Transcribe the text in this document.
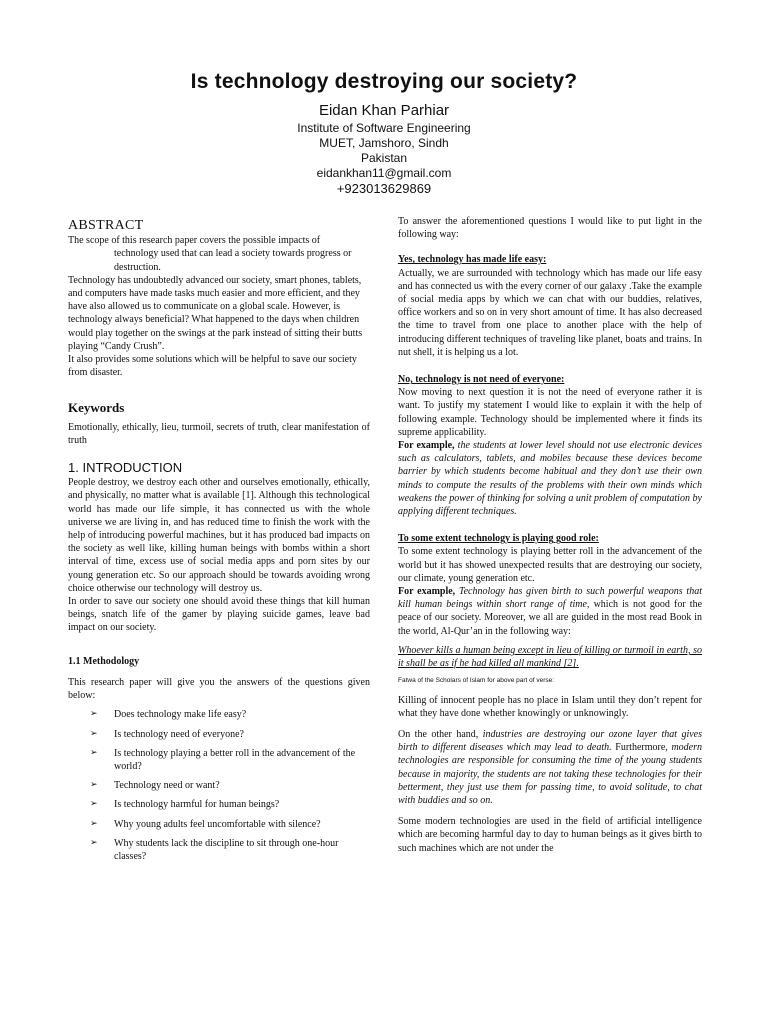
Is technology destroying our society?

Eidan Khan Parhiar

Institute of Software Engineering

MUET, Jamshoro, Sindh

Pakistan

eidankhan11@gmail.com

+923013629869

ABSTRACT

The scope of this research paper covers the possible impacts of

technology used that can lead a society towards progress or destruction.

Technology has undoubtedly advanced our society, smart phones, tablets, and computers have made tasks much easier and more efficient, and they have also allowed us to communicate on a global scale. However, is technology always beneficial? What happened to the days when children would play together on the swings at the park instead of sitting their butts playing “Candy Crush”.

It also provides some solutions which will be helpful to save our society from disaster.

Keywords

Emotionally, ethically, lieu, turmoil, secrets of truth, clear manifestation of truth

1. INTRODUCTION

People destroy, we destroy each other and ourselves emotionally, ethically, and physically, no matter what is available [1]. Although this technological world has made our life simple, it has connected us with the whole universe we are living in, and has reduced time to finish the work with the help of introducing powerful machines, but it has produced bad impacts on the society as well like, killing human beings with bombs within a short interval of time, excess use of social media apps and porn sites by our young generation etc. So our approach should be towards avoiding wrong choice otherwise our technology will destroy us.

In order to save our society one should avoid these things that kill human beings, snatch life of the gamer by playing suicide games, leave bad impact on our society.

1.1 Methodology

This research paper will give you the answers of the questions given below:

➢ Does technology make life easy?
➢ Is technology need of everyone?
➢ Is technology playing a better roll in the advancement of the world?
➢ Technology need or want?
➢ Is technology harmful for human beings?
➢ Why young adults feel uncomfortable with silence?
➢ Why students lack the discipline to sit through one-hour classes?

To answer the aforementioned questions I would like to put light in the following way:

Yes, technology has made life easy:

Actually, we are surrounded with technology which has made our life easy and has connected us with the every corner of our galaxy .Take the example of social media apps by which we can chat with our buddies, relatives, office workers and so on in very short amount of time. It has also decreased the time to travel from one place to another place with the help of introducing different techniques of traveling like planet, boats and trains. In nut shell, it is helping us a lot.

No, technology is not need of everyone:

Now moving to next question it is not the need of everyone rather it is want. To justify my statement I would like to explain it with the help of following example. Technology should be implemented where it finds its supreme applicability.

For example, the students at lower level should not use electronic devices such as calculators, tablets, and mobiles because these devices become barrier by which students become habitual and they don’t use their own minds to compute the results of the problems with their own minds which weakens the power of thinking for solving a unit problem of computation by applying different techniques.

To some extent technology is playing good role:

To some extent technology is playing better roll in the advancement of the world but it has showed unexpected results that are destroying our society, our climate, young generation etc.

For example, Technology has given birth to such powerful weapons that kill human beings within short range of time, which is not good for the peace of our society. Moreover, we all are guided in the most read Book in the world, Al-Qur’an in the following way:

Whoever kills a human being except in lieu of killing or turmoil in earth, so it shall be as if he had killed all mankind [2].

Fatwa of the Scholars of Islam for above part of verse:

Killing of innocent people has no place in Islam until they don’t repent for what they have done whether knowingly or unknowingly.

On the other hand, industries are destroying our ozone layer that gives birth to different diseases which may lead to death. Furthermore, modern technologies are responsible for consuming the time of the young students because in majority, the students are not taking these technologies for their betterment, they just use them for passing time, to avoid solitude, to chat with buddies and so on.

Some modern technologies are used in the field of artificial intelligence which are becoming harmful day to day to human beings as it gives birth to such machines which are not under the
